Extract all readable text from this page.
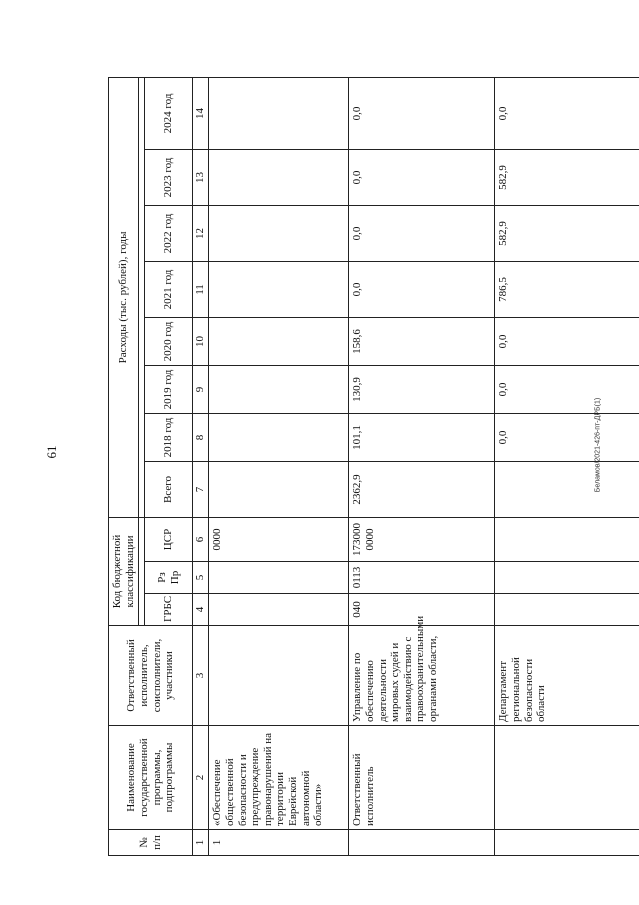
61	Беламов/2021-426-пт-ДРБ(1)
№ п/п	Наименование государственной программы, подпрограммы	Ответственный исполнитель, соисполнители, участники	Код бюджетной классификации			Расходы (тыс. рублей), годы							

			ГРБС	Рз Пр	ЦСР	Всего	2018 год	2019 год	2020 год	2021 год	2022 год	2023 год	2024 год
1	2	3	4	5	6	7	8	9	10	11	12	13	14
1	«Обеспечение общественной безопасности и предупреждение правонарушений на территории Еврейской автономной области»				0000								
	Ответственный исполнитель	Управление по обеспечению деятельности мировых судей и взаимодействию с правоохранительными органами области,	040	0113	173000 0000	2362,9	101,1	130,9	158,6	0,0	0,0	0,0	0,0
		Департамент региональной безопасности области					0,0	0,0	0,0	786,5	582,9	582,9	0,0
